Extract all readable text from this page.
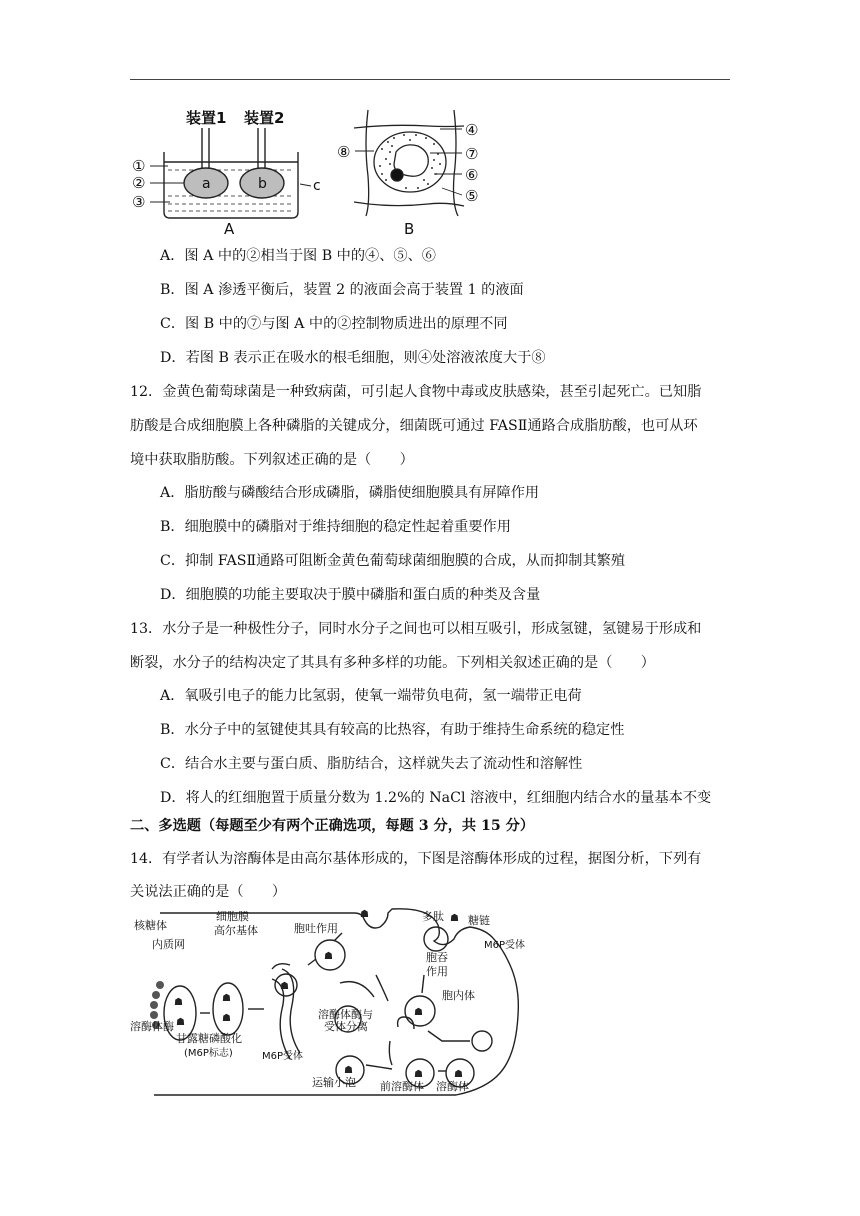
装置1 装置2
a	b	c
①
②
③
A
⑧
④
⑦
⑥
⑤
B
A．图 A 中的②相当于图 B 中的④、⑤、⑥
B．图 A 渗透平衡后，装置 2 的液面会高于装置 1 的液面
C．图 B 中的⑦与图 A 中的②控制物质进出的原理不同
D．若图 B 表示正在吸水的根毛细胞，则④处溶液浓度大于⑧
12．金黄色葡萄球菌是一种致病菌，可引起人食物中毒或皮肤感染，甚至引起死亡。已知脂
肪酸是合成细胞膜上各种磷脂的关键成分，细菌既可通过 FASⅡ通路合成脂肪酸，也可从环
境中获取脂肪酸。下列叙述正确的是（　　）
A．脂肪酸与磷酸结合形成磷脂，磷脂使细胞膜具有屏障作用
B．细胞膜中的磷脂对于维持细胞的稳定性起着重要作用
C．抑制 FASⅡ通路可阻断金黄色葡萄球菌细胞膜的合成，从而抑制其繁殖
D．细胞膜的功能主要取决于膜中磷脂和蛋白质的种类及含量
13．水分子是一种极性分子，同时水分子之间也可以相互吸引，形成氢键，氢键易于形成和
断裂，水分子的结构决定了其具有多种多样的功能。下列相关叙述正确的是（　　）
A．氧吸引电子的能力比氢弱，使氧一端带负电荷，氢一端带正电荷
B．水分子中的氢键使其具有较高的比热容，有助于维持生命系统的稳定性
C．结合水主要与蛋白质、脂肪结合，这样就失去了流动性和溶解性
D．将人的红细胞置于质量分数为 1.2%的 NaCl 溶液中，红细胞内结合水的量基本不变
二、多选题（每题至少有两个正确选项，每题 3 分，共 15 分）
14．有学者认为溶酶体是由高尔基体形成的，下图是溶酶体形成的过程，据图分析，下列有
关说法正确的是（　　）
☗
☗
☗
☗
☗
☗
☗	☗	☗
☗
☗	☗
细胞膜
胞吐作用
多肽 糖链
核糖体	高尔基体
内质网
胞吞
作用
M6P受体
胞内体
溶酶体酶与
受体分离
溶酶体酶
甘露糖磷酸化
(M6P标志)	M6P受体
运输小泡 前溶酶体 溶酶体
